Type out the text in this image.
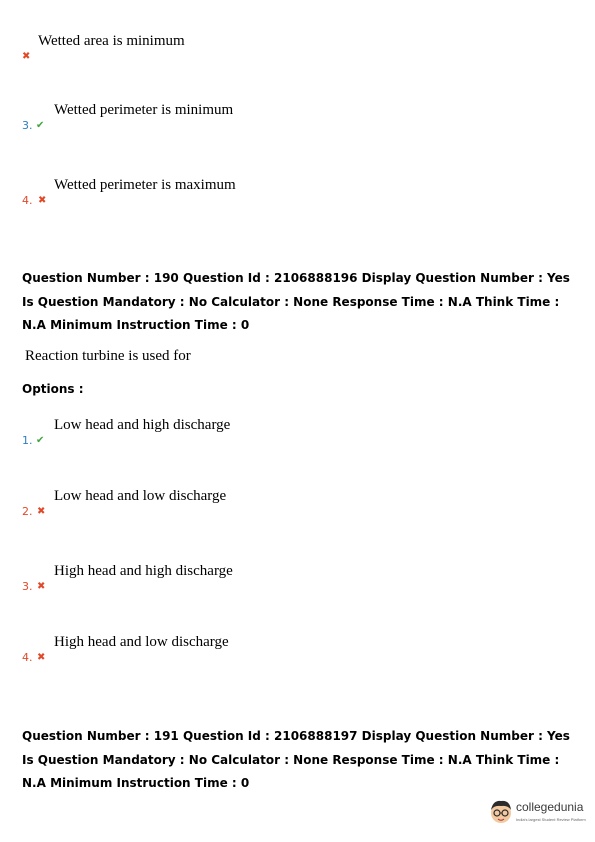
✖
Wetted area is minimum
3. ✔
Wetted perimeter is minimum
4. ✖
Wetted perimeter is maximum
Question Number : 190 Question Id : 2106888196 Display Question Number : Yes Is Question Mandatory : No Calculator : None Response Time : N.A Think Time : N.A Minimum Instruction Time : 0
Reaction turbine is used for
Options :
1. ✔
Low head and high discharge
2. ✖
Low head and low discharge
3. ✖
High head and high discharge
4. ✖
High head and low discharge
Question Number : 191 Question Id : 2106888197 Display Question Number : Yes Is Question Mandatory : No Calculator : None Response Time : N.A Think Time : N.A Minimum Instruction Time : 0
collegedunia
India's largest Student Review Platform
